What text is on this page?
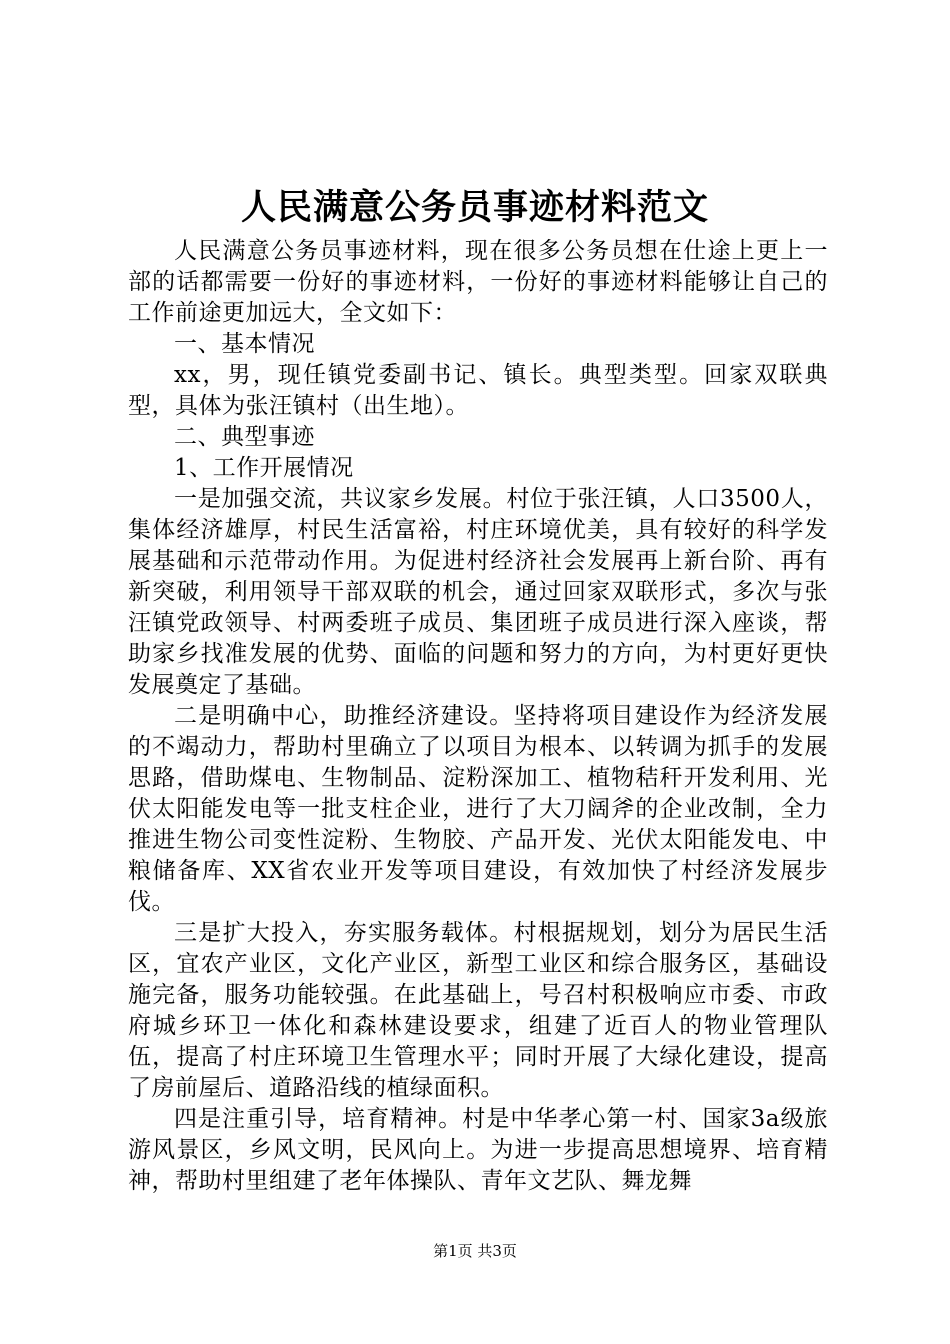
人民满意公务员事迹材料范文

人民满意公务员事迹材料，现在很多公务员想在仕途上更上一部的话都需要一份好的事迹材料，一份好的事迹材料能够让自己的工作前途更加远大，全文如下：

一、基本情况

xx，男，现任镇党委副书记、镇长。典型类型。回家双联典型，具体为张汪镇村（出生地）。

二、典型事迹

1、工作开展情况

一是加强交流，共议家乡发展。村位于张汪镇，人口3500人，集体经济雄厚，村民生活富裕，村庄环境优美，具有较好的科学发展基础和示范带动作用。为促进村经济社会发展再上新台阶、再有新突破，利用领导干部双联的机会，通过回家双联形式，多次与张汪镇党政领导、村两委班子成员、集团班子成员进行深入座谈，帮助家乡找准发展的优势、面临的问题和努力的方向，为村更好更快发展奠定了基础。

二是明确中心，助推经济建设。坚持将项目建设作为经济发展的不竭动力，帮助村里确立了以项目为根本、以转调为抓手的发展思路，借助煤电、生物制品、淀粉深加工、植物秸秆开发利用、光伏太阳能发电等一批支柱企业，进行了大刀阔斧的企业改制，全力推进生物公司变性淀粉、生物胶、产品开发、光伏太阳能发电、中粮储备库、XX省农业开发等项目建设，有效加快了村经济发展步伐。

三是扩大投入，夯实服务载体。村根据规划，划分为居民生活区，宜农产业区，文化产业区，新型工业区和综合服务区，基础设施完备，服务功能较强。在此基础上，号召村积极响应市委、市政府城乡环卫一体化和森林建设要求，组建了近百人的物业管理队伍，提高了村庄环境卫生管理水平；同时开展了大绿化建设，提高了房前屋后、道路沿线的植绿面积。

四是注重引导，培育精神。村是中华孝心第一村、国家3a级旅游风景区，乡风文明，民风向上。为进一步提高思想境界、培育精神，帮助村里组建了老年体操队、青年文艺队、舞龙舞

第1页 共3页
